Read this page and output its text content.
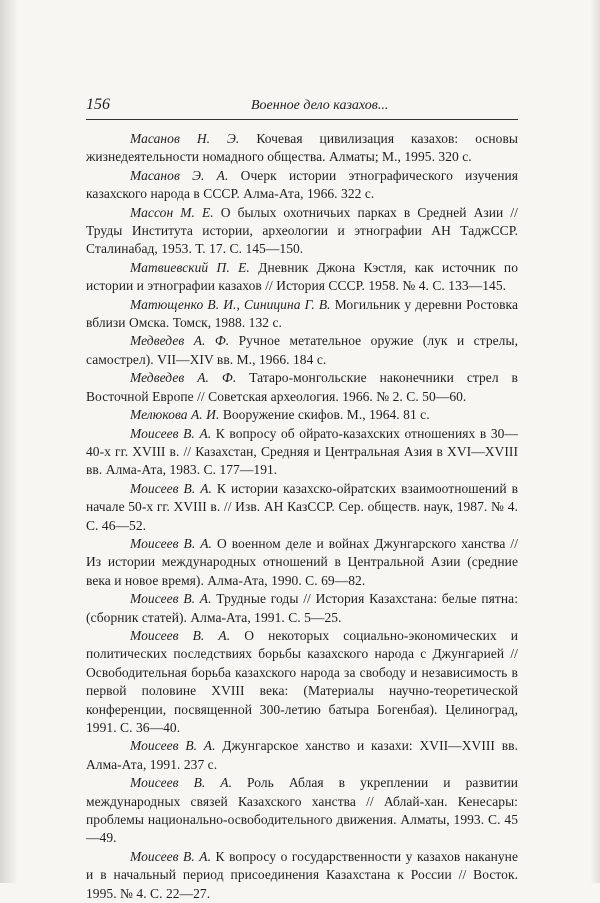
156	Военное дело казахов...
Масанов Н. Э. Кочевая цивилизация казахов: основы жизнедеятельности номадного общества. Алматы; М., 1995. 320 с.
Масанов Э. А. Очерк истории этнографического изучения казахского народа в СССР. Алма-Ата, 1966. 322 с.
Массон М. Е. О былых охотничьих парках в Средней Азии // Труды Института истории, археологии и этнографии АН ТаджССР. Сталинабад, 1953. Т. 17. С. 145—150.
Матвиевский П. Е. Дневник Джона Кэстля, как источник по истории и этнографии казахов // История СССР. 1958. № 4. С. 133—145.
Матющенко В. И., Синицина Г. В. Могильник у деревни Ростовка вблизи Омска. Томск, 1988. 132 с.
Медведев А. Ф. Ручное метательное оружие (лук и стрелы, самострел). VII—XIV вв. М., 1966. 184 с.
Медведев А. Ф. Татаро-монгольские наконечники стрел в Восточной Европе // Советская археология. 1966. № 2. С. 50—60.
Мелюкова А. И. Вооружение скифов. М., 1964. 81 с.
Моисеев В. А. К вопросу об ойрато-казахских отношениях в 30—40-х гг. XVIII в. // Казахстан, Средняя и Центральная Азия в XVI—XVIII вв. Алма-Ата, 1983. С. 177—191.
Моисеев В. А. К истории казахско-ойратских взаимоотношений в начале 50-х гг. XVIII в. // Изв. АН КазССР. Сер. обществ. наук, 1987. № 4. С. 46—52.
Моисеев В. А. О военном деле и войнах Джунгарского ханства // Из истории международных отношений в Центральной Азии (средние века и новое время). Алма-Ата, 1990. С. 69—82.
Моисеев В. А. Трудные годы // История Казахстана: белые пятна: (сборник статей). Алма-Ата, 1991. С. 5—25.
Моисеев В. А. О некоторых социально-экономических и политических последствиях борьбы казахского народа с Джунгарией // Освободительная борьба казахского народа за свободу и независимость в первой половине XVIII века: (Материалы научно-теоретической конференции, посвященной 300-летию батыра Богенбая). Целиноград, 1991. С. 36—40.
Моисеев В. А. Джунгарское ханство и казахи: XVII—XVIII вв. Алма-Ата, 1991. 237 с.
Моисеев В. А. Роль Аблая в укреплении и развитии международных связей Казахского ханства // Аблай-хан. Кенесары: проблемы национально-освободительного движения. Алматы, 1993. С. 45—49.
Моисеев В. А. К вопросу о государственности у казахов накануне и в начальный период присоединения Казахстана к России // Восток. 1995. № 4. С. 22—27.
